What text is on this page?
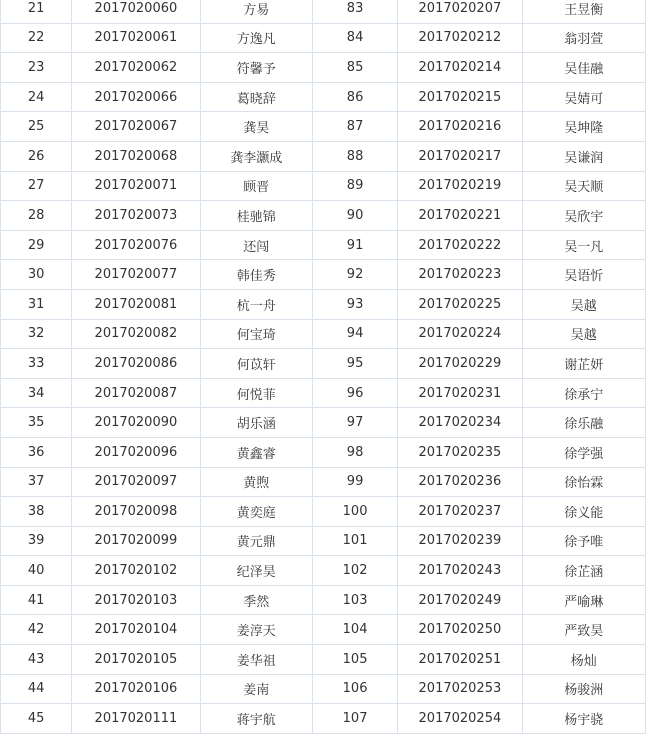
21	2017020060	方易	83	2017020207	王昱衡
22	2017020061	方逸凡	84	2017020212	翁羽萱
23	2017020062	符馨予	85	2017020214	吴佳融
24	2017020066	葛晓辞	86	2017020215	吴婧可
25	2017020067	龚昊	87	2017020216	吴坤隆
26	2017020068	龚李灏成	88	2017020217	吴谦润
27	2017020071	顾晋	89	2017020219	吴天顺
28	2017020073	桂驰锦	90	2017020221	吴欣宇
29	2017020076	还闯	91	2017020222	吴一凡
30	2017020077	韩佳秀	92	2017020223	吴语忻
31	2017020081	杭一舟	93	2017020225	吴越
32	2017020082	何宝琦	94	2017020224	吴越
33	2017020086	何苡轩	95	2017020229	谢芷妍
34	2017020087	何悦菲	96	2017020231	徐承宁
35	2017020090	胡乐涵	97	2017020234	徐乐融
36	2017020096	黄鑫睿	98	2017020235	徐学强
37	2017020097	黄煦	99	2017020236	徐怡霖
38	2017020098	黄奕庭	100	2017020237	徐义能
39	2017020099	黄元鼎	101	2017020239	徐予唯
40	2017020102	纪泽昊	102	2017020243	徐芷涵
41	2017020103	季然	103	2017020249	严喻琳
42	2017020104	姜淳天	104	2017020250	严致昊
43	2017020105	姜华祖	105	2017020251	杨灿
44	2017020106	姜南	106	2017020253	杨骏洲
45	2017020111	蒋宇航	107	2017020254	杨宇骁
